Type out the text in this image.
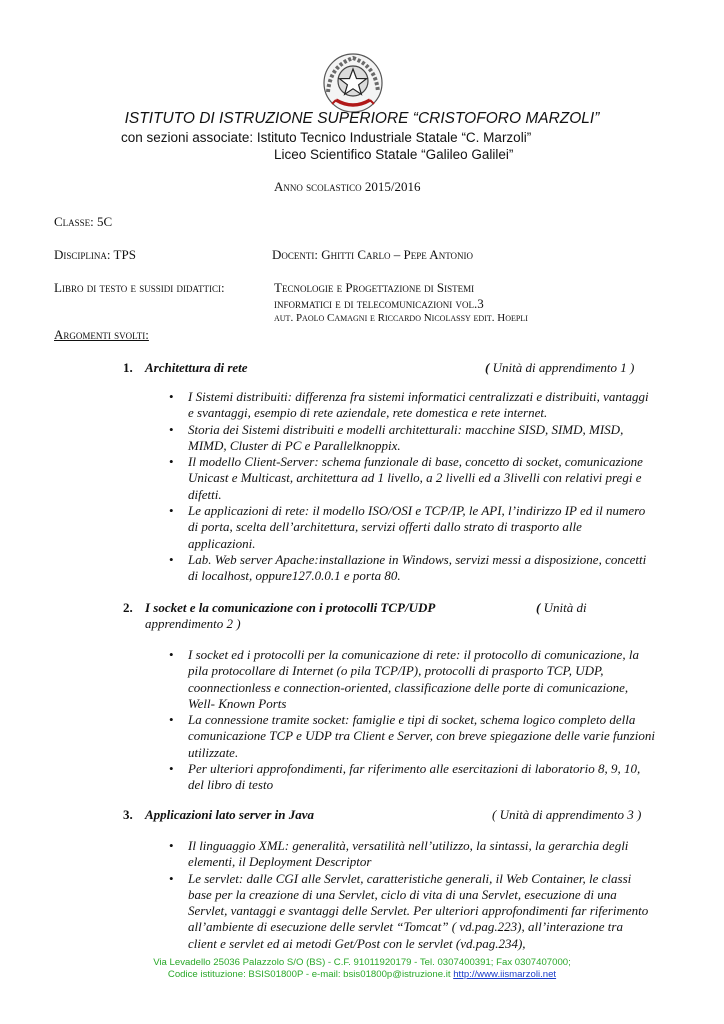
ISTITUTO DI ISTRUZIONE SUPERIORE “CRISTOFORO MARZOLI”
con sezioni associate: Istituto Tecnico Industriale Statale “C. Marzoli”
Liceo Scientifico Statale “Galileo Galilei”
Anno scolastico 2015/2016
Classe: 5C
Disciplina: TPS	Docenti: Ghitti Carlo – Pepe Antonio
Libro di testo e sussidi didattici:	Tecnologie e Progettazione di Sistemi
informatici e di telecomunicazioni vol.3
aut. Paolo Camagni e Riccardo Nicolassy edit. Hoepli
Argomenti svolti:
1. Architettura di rete	( Unità di apprendimento 1 )
• I Sistemi distribuiti: differenza fra sistemi informatici centralizzati e distribuiti, vantaggi e svantaggi, esempio di rete aziendale, rete domestica e rete internet.
• Storia dei Sistemi distribuiti e modelli architetturali: macchine SISD, SIMD, MISD, MIMD, Cluster di PC e Parallelknoppix.
• Il modello Client-Server: schema funzionale di base, concetto di socket, comunicazione Unicast e Multicast, architettura ad 1 livello, a 2 livelli ed a 3livelli con relativi pregi e difetti.
• Le applicazioni di rete: il modello ISO/OSI e TCP/IP, le API, l’indirizzo IP ed il numero di porta, scelta dell’architettura, servizi offerti dallo strato di trasporto alle applicazioni.
• Lab. Web server Apache:installazione in Windows, servizi messi a disposizione, concetti di localhost, oppure127.0.0.1 e porta 80.
2. I socket e la comunicazione con i protocolli TCP/UDP	( Unità di
apprendimento 2 )
• I socket ed i protocolli per la comunicazione di rete: il protocollo di comunicazione, la pila protocollare di Internet (o pila TCP/IP), protocolli di prasporto TCP, UDP, coonnectionless e connection-oriented, classificazione delle porte di comunicazione, Well- Known Ports
• La connessione tramite socket: famiglie e tipi di socket, schema logico completo della comunicazione TCP e UDP tra Client e Server, con breve spiegazione delle varie funzioni utilizzate.
• Per ulteriori approfondimenti, far riferimento alle esercitazioni di laboratorio 8, 9, 10, del libro di testo
3. Applicazioni lato server in Java	( Unità di apprendimento 3 )
• Il linguaggio XML: generalità, versatilità nell’utilizzo, la sintassi, la gerarchia degli elementi, il Deployment Descriptor
• Le servlet: dalle CGI alle Servlet, caratteristiche generali, il Web Container, le classi base per la creazione di una Servlet, ciclo di vita di una Servlet, esecuzione di una Servlet, vantaggi e svantaggi delle Servlet. Per ulteriori approfondimenti far riferimento all’ambiente di esecuzione delle servlet “Tomcat” ( vd.pag.223), all’interazione tra client e servlet ed ai metodi Get/Post con le servlet (vd.pag.234),
Via Levadello 25036 Palazzolo S/O (BS) - C.F. 91011920179 - Tel. 0307400391; Fax 0307407000;
Codice istituzione: BSIS01800P - e-mail: bsis01800p@istruzione.it http://www.iismarzoli.net
